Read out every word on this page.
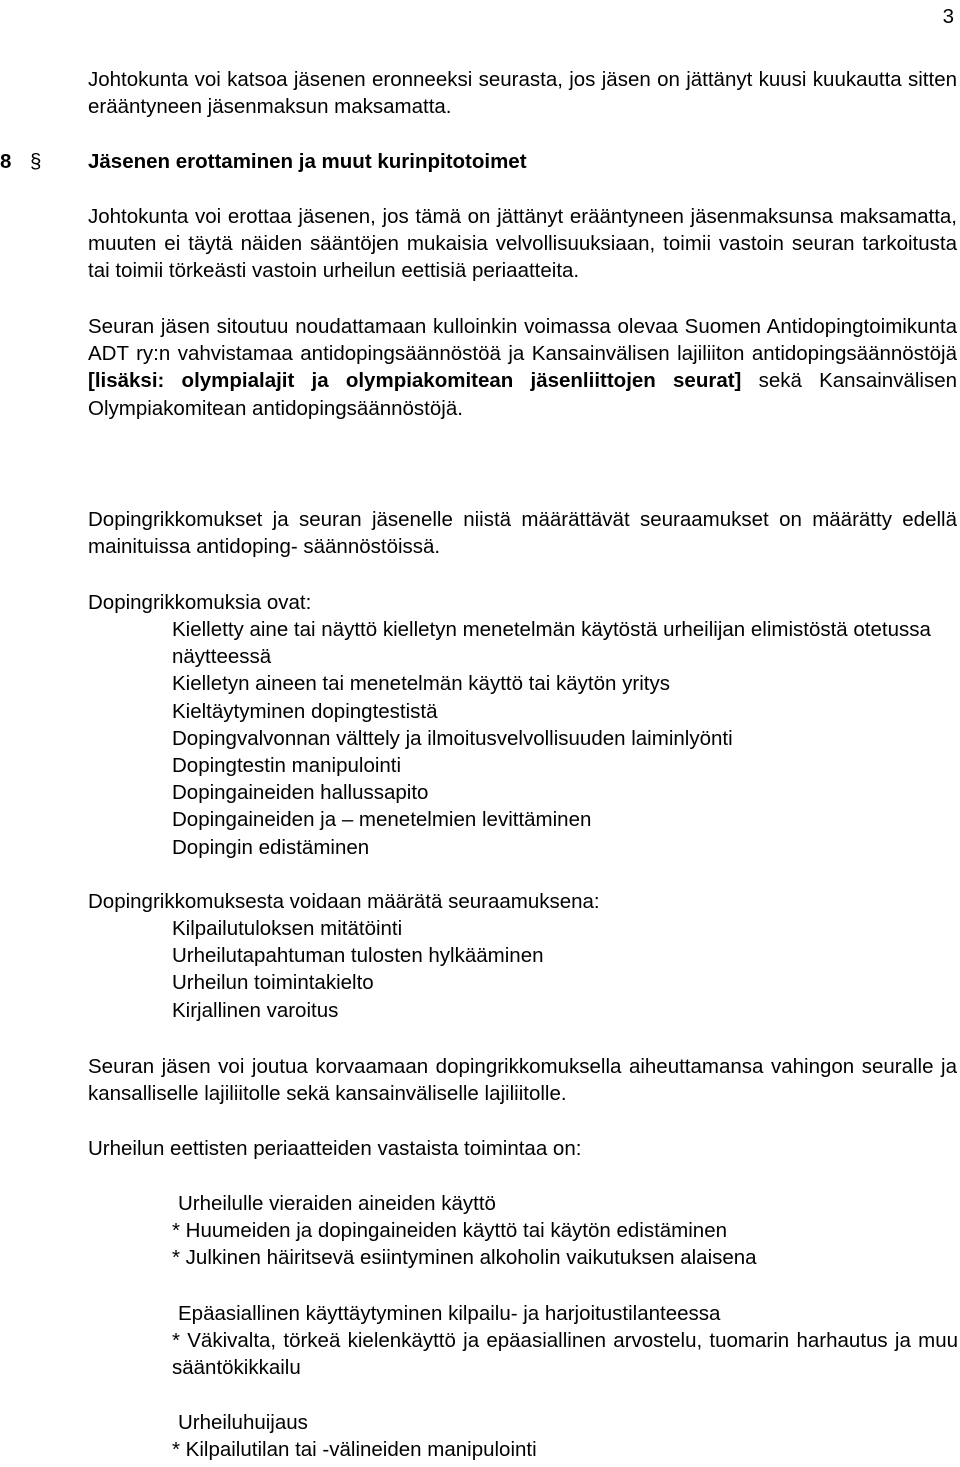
3

Johtokunta voi katsoa jäsenen eronneeksi seurasta, jos jäsen on jättänyt kuusi kuukautta sitten erääntyneen jäsenmaksun maksamatta.

8 § Jäsenen erottaminen ja muut kurinpitotoimet

Johtokunta voi erottaa jäsenen, jos tämä on jättänyt erääntyneen jäsenmaksunsa maksamatta, muuten ei täytä näiden sääntöjen mukaisia velvollisuuksiaan, toimii vastoin seuran tarkoitusta tai toimii törkeästi vastoin urheilun eettisiä periaatteita.

Seuran jäsen sitoutuu noudattamaan kulloinkin voimassa olevaa Suomen Antidopingtoimikunta ADT ry:n vahvistamaa antidopingsäännöstöä ja Kansainvälisen lajiliiton antidopingsäännöstöjä [lisäksi: olympialajit ja olympiakomitean jäsenliittojen seurat] sekä Kansainvälisen Olympiakomitean antidopingsäännöstöjä.

Dopingrikkomukset ja seuran jäsenelle niistä määrättävät seuraamukset on määrätty edellä mainituissa antidoping- säännöstöissä.

Dopingrikkomuksia ovat:

Kielletty aine tai näyttö kielletyn menetelmän käytöstä urheilijan elimistöstä otetussa näytteessä
Kielletyn aineen tai menetelmän käyttö tai käytön yritys
Kieltäytyminen dopingtestistä
Dopingvalvonnan välttely ja ilmoitusvelvollisuuden laiminlyönti
Dopingtestin manipulointi
Dopingaineiden hallussapito
Dopingaineiden ja – menetelmien levittäminen
Dopingin edistäminen

Dopingrikkomuksesta voidaan määrätä seuraamuksena:

Kilpailutuloksen mitätöinti
Urheilutapahtuman tulosten hylkääminen
Urheilun toimintakielto
Kirjallinen varoitus

Seuran jäsen voi joutua korvaamaan dopingrikkomuksella aiheuttamansa vahingon seuralle ja kansalliselle lajiliitolle sekä kansainväliselle lajiliitolle.

Urheilun eettisten periaatteiden vastaista toimintaa on:

Urheilulle vieraiden aineiden käyttö
* Huumeiden ja dopingaineiden käyttö tai käytön edistäminen
* Julkinen häiritsevä esiintyminen alkoholin vaikutuksen alaisena
Epäasiallinen käyttäytyminen kilpailu- ja harjoitustilanteessa
* Väkivalta, törkeä kielenkäyttö ja epäasiallinen arvostelu, tuomarin harhautus ja muu sääntökikkailu
Urheiluhuijaus
* Kilpailutilan tai -välineiden manipulointi
